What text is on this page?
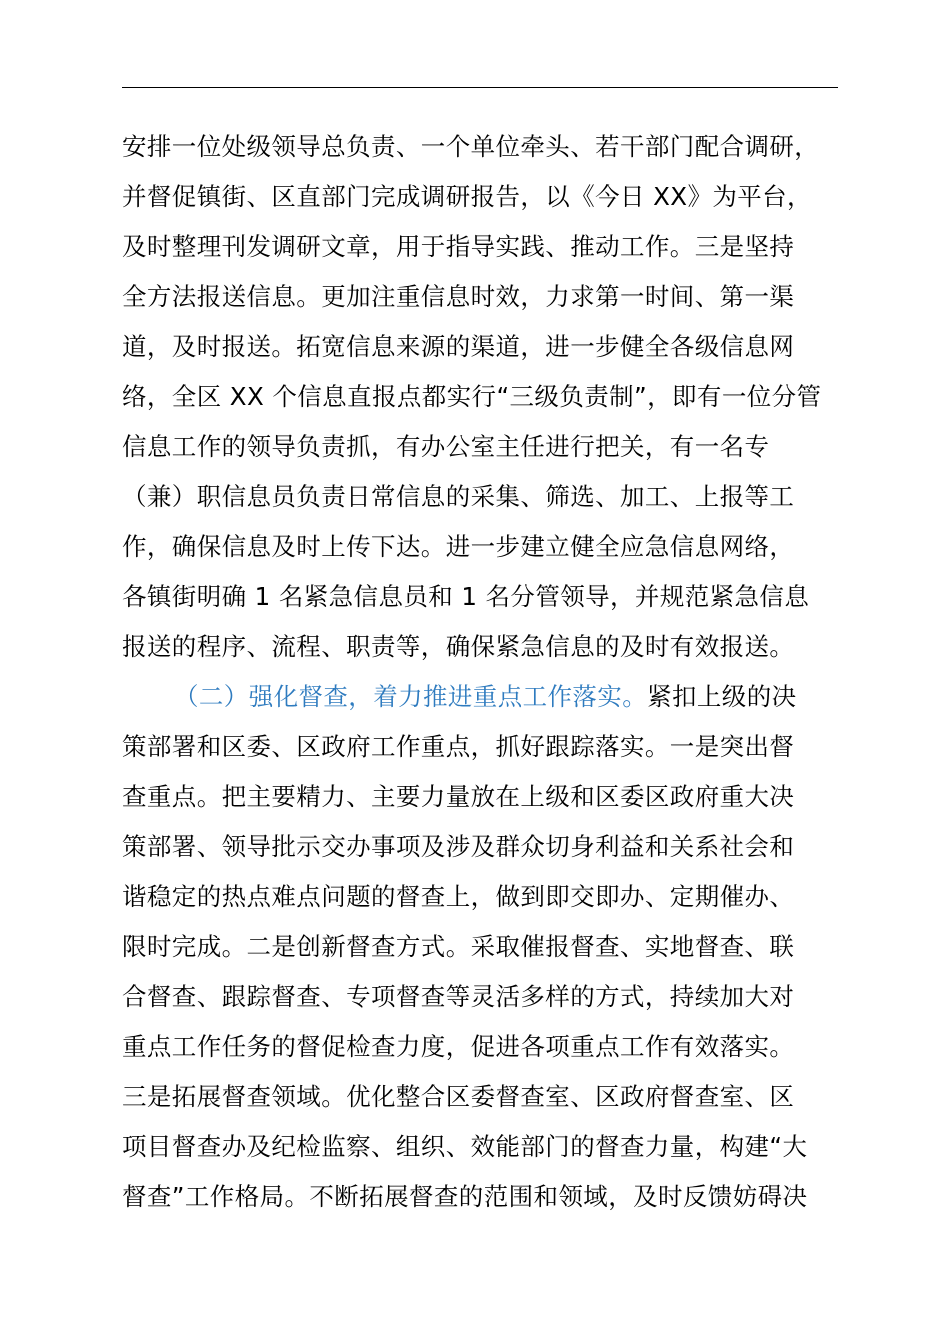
安排一位处级领导总负责、一个单位牵头、若干部门配合调研，
并督促镇街、区直部门完成调研报告，以《今日 XX》为平台，
及时整理刊发调研文章，用于指导实践、推动工作。三是坚持
全方法报送信息。更加注重信息时效，力求第一时间、第一渠
道，及时报送。拓宽信息来源的渠道，进一步健全各级信息网
络，全区 XX 个信息直报点都实行“三级负责制”，即有一位分管
信息工作的领导负责抓，有办公室主任进行把关，有一名专
（兼）职信息员负责日常信息的采集、筛选、加工、上报等工
作，确保信息及时上传下达。进一步建立健全应急信息网络，
各镇街明确 1 名紧急信息员和 1 名分管领导，并规范紧急信息
报送的程序、流程、职责等，确保紧急信息的及时有效报送。
（二）强化督查，着力推进重点工作落实。紧扣上级的决
策部署和区委、区政府工作重点，抓好跟踪落实。一是突出督
查重点。把主要精力、主要力量放在上级和区委区政府重大决
策部署、领导批示交办事项及涉及群众切身利益和关系社会和
谐稳定的热点难点问题的督查上，做到即交即办、定期催办、
限时完成。二是创新督查方式。采取催报督查、实地督查、联
合督查、跟踪督查、专项督查等灵活多样的方式，持续加大对
重点工作任务的督促检查力度，促进各项重点工作有效落实。
三是拓展督查领域。优化整合区委督查室、区政府督查室、区
项目督查办及纪检监察、组织、效能部门的督查力量，构建“大
督查”工作格局。不断拓展督查的范围和领域，及时反馈妨碍决
